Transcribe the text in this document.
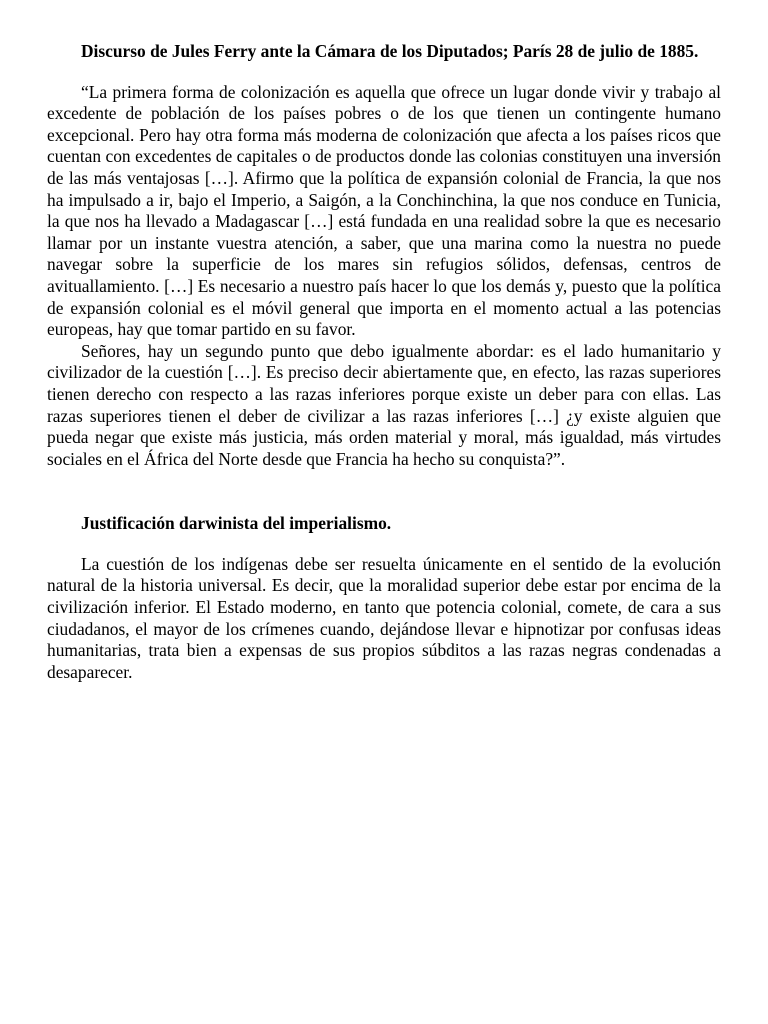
Discurso de Jules Ferry ante la Cámara de los Diputados; París 28 de julio de 1885.

“La primera forma de colonización es aquella que ofrece un lugar donde vivir y trabajo al excedente de población de los países pobres o de los que tienen un contingente humano excepcional. Pero hay otra forma más moderna de colonización que afecta a los países ricos que cuentan con excedentes de capitales o de productos donde las colonias constituyen una inversión de las más ventajosas […]. Afirmo que la política de expansión colonial de Francia, la que nos ha impulsado a ir, bajo el Imperio, a Saigón, a la Conchinchina, la que nos conduce en Tunicia, la que nos ha llevado a Madagascar […] está fundada en una realidad sobre la que es necesario llamar por un instante vuestra atención, a saber, que una marina como la nuestra no puede navegar sobre la superficie de los mares sin refugios sólidos, defensas, centros de avituallamiento. […] Es necesario a nuestro país hacer lo que los demás y, puesto que la política de expansión colonial es el móvil general que importa en el momento actual a las potencias europeas, hay que tomar partido en su favor.

Señores, hay un segundo punto que debo igualmente abordar: es el lado humanitario y civilizador de la cuestión […]. Es preciso decir abiertamente que, en efecto, las razas superiores tienen derecho con respecto a las razas inferiores porque existe un deber para con ellas. Las razas superiores tienen el deber de civilizar a las razas inferiores […] ¿y existe alguien que pueda negar que existe más justicia, más orden material y moral, más igualdad, más virtudes sociales en el África del Norte desde que Francia ha hecho su conquista?”.

Justificación darwinista del imperialismo.

La cuestión de los indígenas debe ser resuelta únicamente en el sentido de la evolución natural de la historia universal. Es decir, que la moralidad superior debe estar por encima de la civilización inferior. El Estado moderno, en tanto que potencia colonial, comete, de cara a sus ciudadanos, el mayor de los crímenes cuando, dejándose llevar e hipnotizar por confusas ideas humanitarias, trata bien a expensas de sus propios súbditos a las razas negras condenadas a desaparecer.
